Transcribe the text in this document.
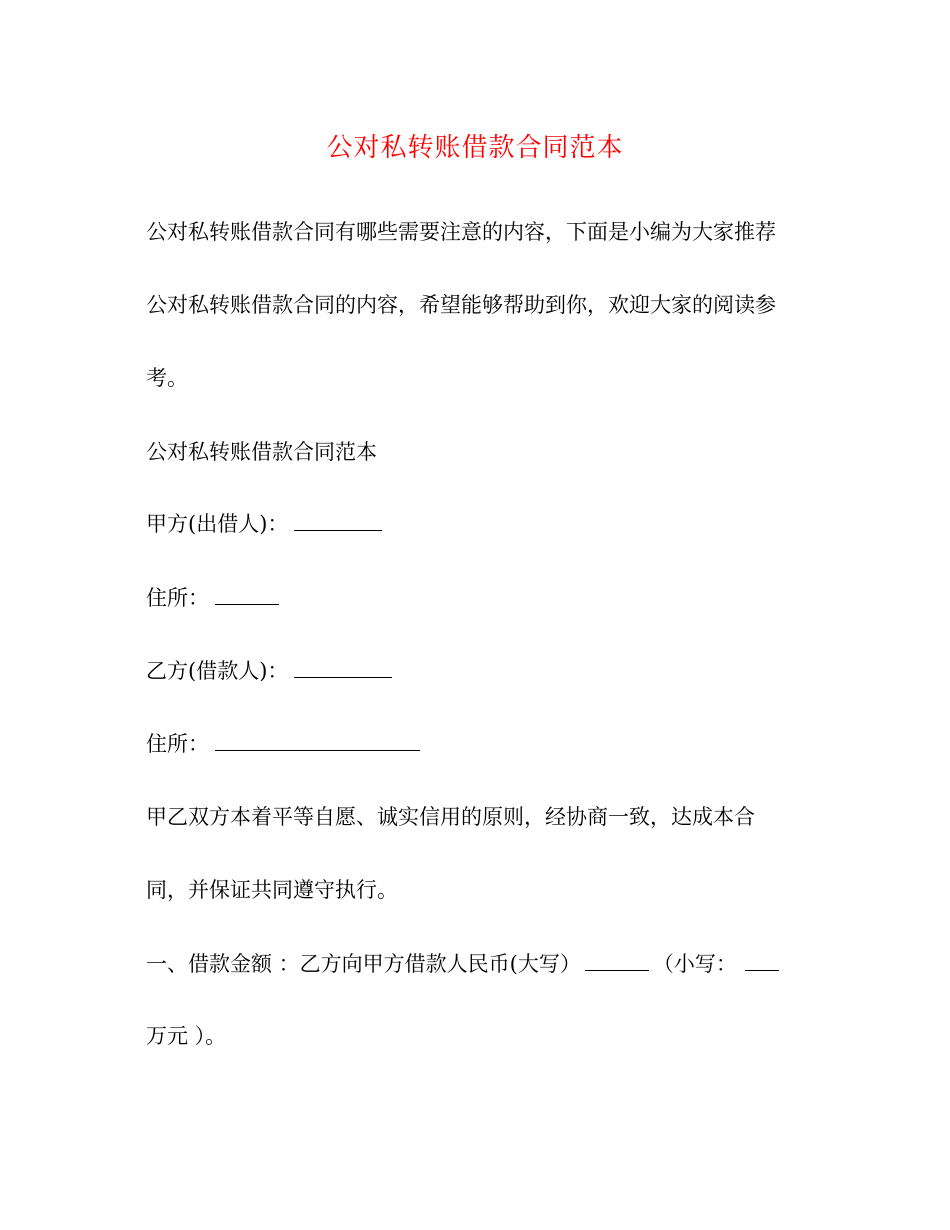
公对私转账借款合同范本
公对私转账借款合同有哪些需要注意的内容，下面是小编为大家推荐
公对私转账借款合同的内容，希望能够帮助到你，欢迎大家的阅读参
考。
公对私转账借款合同范本
甲方(出借人)：
住所：
乙方(借款人)：
住所：
甲乙双方本着平等自愿、诚实信用的原则，经协商一致，达成本合
同，并保证共同遵守执行。
一、借款金额 ：乙方向甲方借款人民币(大写）	（小写：
万元 ）。
